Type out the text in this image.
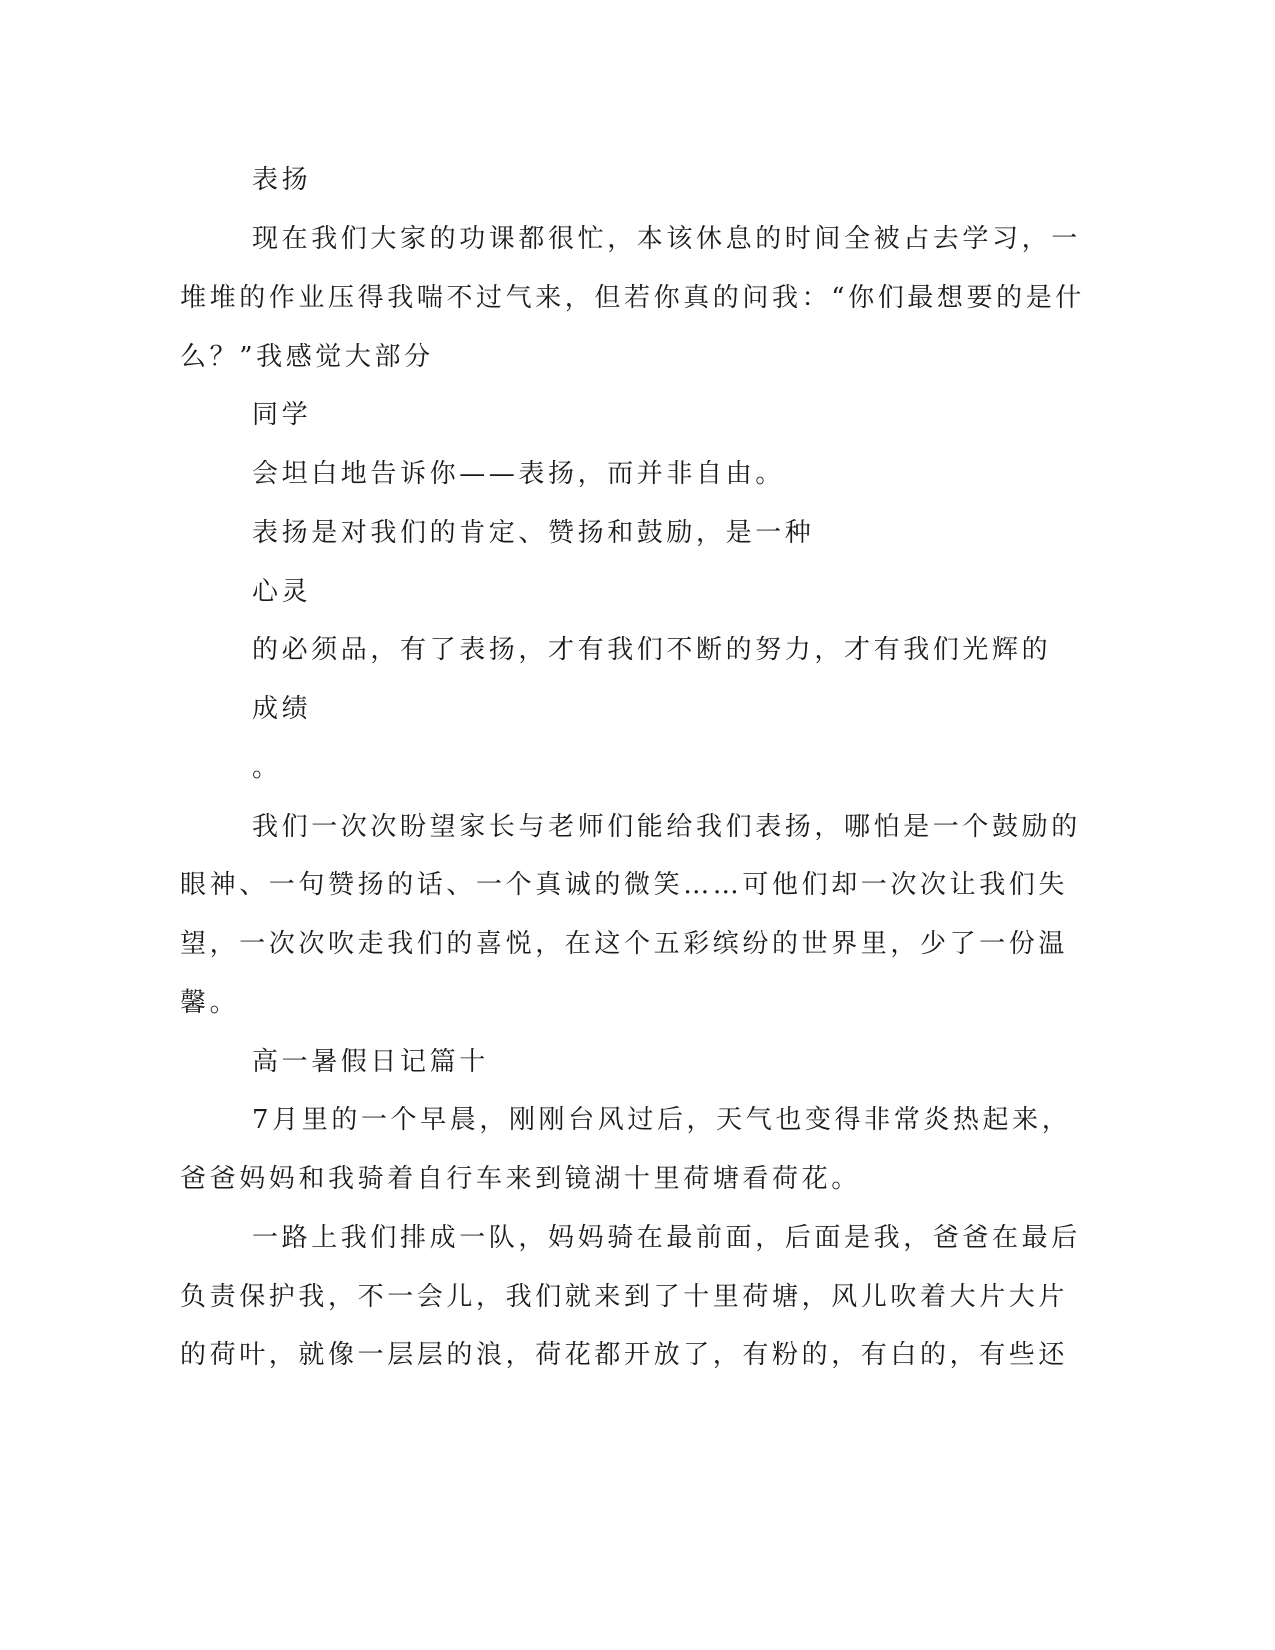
表扬
现在我们大家的功课都很忙，本该休息的时间全被占去学习，一
堆堆的作业压得我喘不过气来，但若你真的问我：“你们最想要的是什
么？”我感觉大部分
同学
会坦白地告诉你——表扬，而并非自由。
表扬是对我们的肯定、赞扬和鼓励，是一种
心灵
的必须品，有了表扬，才有我们不断的努力，才有我们光辉的
成绩
。
我们一次次盼望家长与老师们能给我们表扬，哪怕是一个鼓励的
眼神、一句赞扬的话、一个真诚的微笑……可他们却一次次让我们失
望，一次次吹走我们的喜悦，在这个五彩缤纷的世界里，少了一份温
馨。
高一暑假日记篇十
7月里的一个早晨，刚刚台风过后，天气也变得非常炎热起来，
爸爸妈妈和我骑着自行车来到镜湖十里荷塘看荷花。
一路上我们排成一队，妈妈骑在最前面，后面是我，爸爸在最后
负责保护我，不一会儿，我们就来到了十里荷塘，风儿吹着大片大片
的荷叶，就像一层层的浪，荷花都开放了，有粉的，有白的，有些还
